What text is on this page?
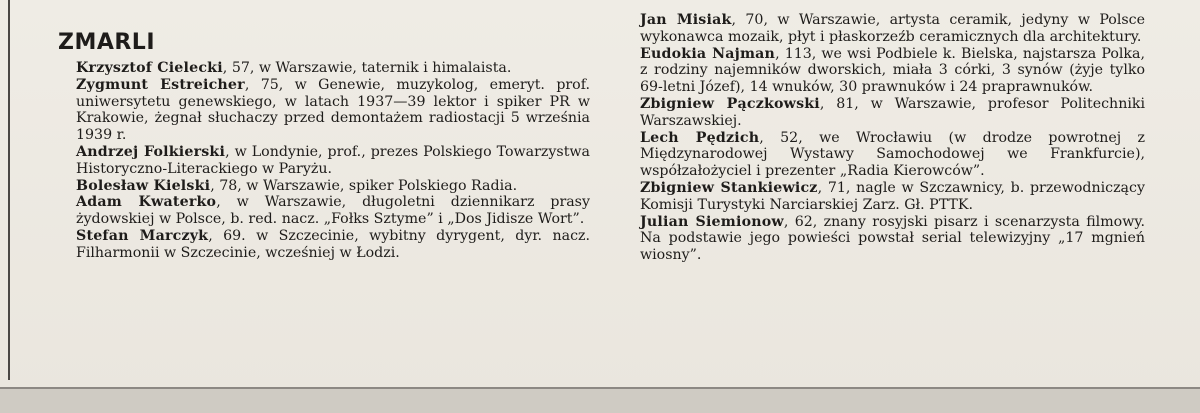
ZMARLI

Krzysztof Cielecki, 57, w Warszawie, taternik i himalaista.

Zygmunt Estreicher, 75, w Genewie, muzykolog, emeryt. prof. uniwersytetu genewskiego, w latach 1937—39 lektor i spiker PR w Krakowie, żegnał słuchaczy przed demontażem radiostacji 5 września 1939 r.

Andrzej Folkierski, w Londynie, prof., prezes Polskiego Towarzystwa Historyczno-Literackiego w Paryżu.

Bolesław Kielski, 78, w Warszawie, spiker Polskiego Radia.

Adam Kwaterko, w Warszawie, długoletni dziennikarz prasy żydowskiej w Polsce, b. red. nacz. „Fołks Sztyme” i „Dos Jidisze Wort”.

Stefan Marczyk, 69. w Szczecinie, wybitny dyrygent, dyr. nacz. Filharmonii w Szczecinie, wcześniej w Łodzi.

Jan Misiak, 70, w Warszawie, artysta ceramik, jedyny w Polsce wykonawca mozaik, płyt i płaskorzeźb ceramicznych dla architektury.

Eudokia Najman, 113, we wsi Podbiele k. Bielska, najstarsza Polka, z rodziny najemników dworskich, miała 3 córki, 3 synów (żyje tylko 69-letni Józef), 14 wnuków, 30 prawnuków i 24 praprawnuków.

Zbigniew Pączkowski, 81, w Warszawie, profesor Politechniki Warszawskiej.

Lech Pędzich, 52, we Wrocławiu (w drodze powrotnej z Międzynarodowej Wystawy Samochodowej we Frankfurcie), współzałożyciel i prezenter „Radia Kierowców”.

Zbigniew Stankiewicz, 71, nagle w Szczawnicy, b. przewodniczący Komisji Turystyki Narciarskiej Zarz. Gł. PTTK.

Julian Siemionow, 62, znany rosyjski pisarz i scenarzysta filmowy. Na podstawie jego powieści powstał serial telewizyjny „17 mgnień wiosny”.
